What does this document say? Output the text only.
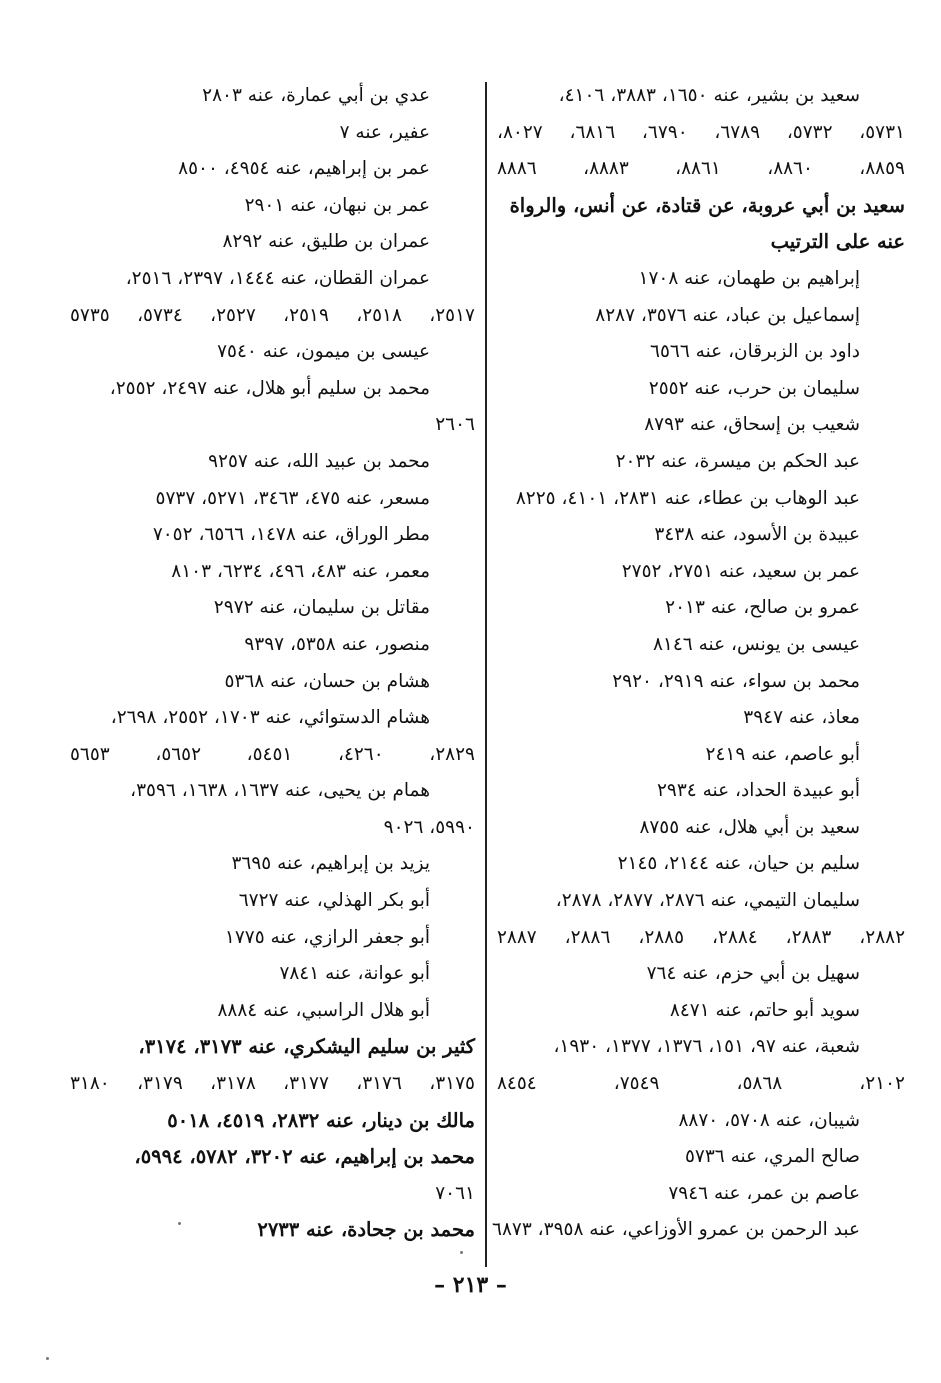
سعيد بن بشير، عنه ١٦٥٠، ٣٨٨٣، ٤١٠٦،
٥٧٣١، ٥٧٣٢، ٦٧٨٩، ٦٧٩٠، ٦٨١٦، ٨٠٢٧،
٨٨٥٩، ٨٨٦٠، ٨٨٦١، ٨٨٨٣، ٨٨٨٦
سعيد بن أبي عروبة، عن قتادة، عن أنس، والرواة
عنه على الترتيب
إبراهيم بن طهمان، عنه ١٧٠٨
إسماعيل بن عباد، عنه ٣٥٧٦، ٨٢٨٧
داود بن الزبرقان، عنه ٦٥٦٦
سليمان بن حرب، عنه ٢٥٥٢
شعيب بن إسحاق، عنه ٨٧٩٣
عبد الحكم بن ميسرة، عنه ٢٠٣٢
عبد الوهاب بن عطاء، عنه ٢٨٣١، ٤١٠١، ٨٢٢٥
عبيدة بن الأسود، عنه ٣٤٣٨
عمر بن سعيد، عنه ٢٧٥١، ٢٧٥٢
عمرو بن صالح، عنه ٢٠١٣
عيسى بن يونس، عنه ٨١٤٦
محمد بن سواء، عنه ٢٩١٩، ٢٩٢٠
معاذ، عنه ٣٩٤٧
أبو عاصم، عنه ٢٤١٩
أبو عبيدة الحداد، عنه ٢٩٣٤
سعيد بن أبي هلال، عنه ٨٧٥٥
سليم بن حيان، عنه ٢١٤٤، ٢١٤٥
سليمان التيمي، عنه ٢٨٧٦، ٢٨٧٧، ٢٨٧٨،
٢٨٨٢، ٢٨٨٣، ٢٨٨٤، ٢٨٨٥، ٢٨٨٦، ٢٨٨٧
سهيل بن أبي حزم، عنه ٧٦٤
سويد أبو حاتم، عنه ٨٤٧١
شعبة، عنه ٩٧، ١٥١، ١٣٧٦، ١٣٧٧، ١٩٣٠،
٢١٠٢، ٥٨٦٨، ٧٥٤٩، ٨٤٥٤
شيبان، عنه ٥٧٠٨، ٨٨٧٠
صالح المري، عنه ٥٧٣٦
عاصم بن عمر، عنه ٧٩٤٦
عبد الرحمن بن عمرو الأوزاعي، عنه ٣٩٥٨، ٦٨٧٣
عدي بن أبي عمارة، عنه ٢٨٠٣
عفير، عنه ٧
عمر بن إبراهيم، عنه ٤٩٥٤، ٨٥٠٠
عمر بن نبهان، عنه ٢٩٠١
عمران بن طليق، عنه ٨٢٩٢
عمران القطان، عنه ١٤٤٤، ٢٣٩٧، ٢٥١٦،
٢٥١٧، ٢٥١٨، ٢٥١٩، ٢٥٢٧، ٥٧٣٤، ٥٧٣٥
عيسى بن ميمون، عنه ٧٥٤٠
محمد بن سليم أبو هلال، عنه ٢٤٩٧، ٢٥٥٢،
٢٦٠٦
محمد بن عبيد الله، عنه ٩٢٥٧
مسعر، عنه ٤٧٥، ٣٤٦٣، ٥٢٧١، ٥٧٣٧
مطر الوراق، عنه ١٤٧٨، ٦٥٦٦، ٧٠٥٢
معمر، عنه ٤٨٣، ٤٩٦، ٦٢٣٤، ٨١٠٣
مقاتل بن سليمان، عنه ٢٩٧٢
منصور، عنه ٥٣٥٨، ٩٣٩٧
هشام بن حسان، عنه ٥٣٦٨
هشام الدستوائي، عنه ١٧٠٣، ٢٥٥٢، ٢٦٩٨،
٢٨٢٩، ٤٢٦٠، ٥٤٥١، ٥٦٥٢، ٥٦٥٣
همام بن يحيى، عنه ١٦٣٧، ١٦٣٨، ٣٥٩٦،
٥٩٩٠، ٩٠٢٦
يزيد بن إبراهيم، عنه ٣٦٩٥
أبو بكر الهذلي، عنه ٦٧٢٧
أبو جعفر الرازي، عنه ١٧٧٥
أبو عوانة، عنه ٧٨٤١
أبو هلال الراسبي، عنه ٨٨٨٤
كثير بن سليم اليشكري، عنه ٣١٧٣، ٣١٧٤،
٣١٧٥، ٣١٧٦، ٣١٧٧، ٣١٧٨، ٣١٧٩، ٣١٨٠
مالك بن دينار، عنه ٢٨٣٢، ٤٥١٩، ٥٠١٨
محمد بن إبراهيم، عنه ٣٢٠٢، ٥٧٨٢، ٥٩٩٤،
٧٠٦١
محمد بن جحادة، عنه ٢٧٣٣
– ٢١٣ –
